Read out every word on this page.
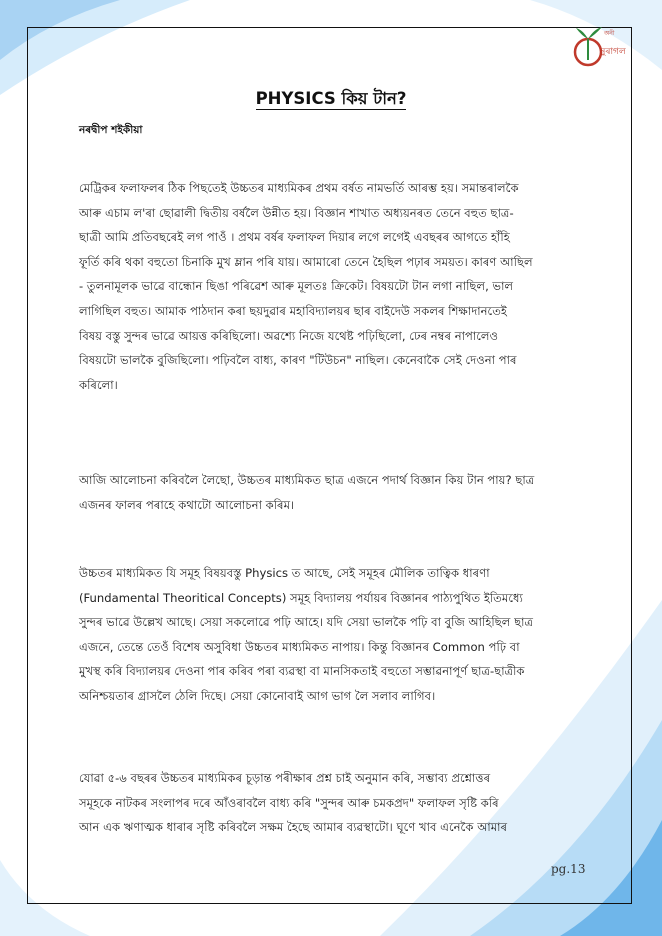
অনী
নুৰাগল
PHYSICS কিয় টান?
নৰদ্বীপ শইকীয়া
মেট্ৰিকৰ ফলাফলৰ ঠিক পিছতেই উচ্চতৰ মাধ্যমিকৰ প্ৰথম বৰ্ষত নামভৰ্তি আৰম্ভ হয়। সমান্তৰালকৈ
আৰু এচাম ল'ৰা ছোৱালী দ্বিতীয় বৰ্ষলৈ উন্নীত হয়। বিজ্ঞান শাখাত অধ্যয়নৰত তেনে বহুত ছাত্ৰ-
ছাত্ৰী আমি প্ৰতিবছৰেই লগ পাওঁ । প্ৰথম বৰ্ষৰ ফলাফল দিয়াৰ লগে লগেই এবছৰৰ আগতে হাঁহি
ফূৰ্তি কৰি থকা বহুতো চিনাকি মুখ ম্লান পৰি যায়। আমাৰো তেনে হৈছিল পঢ়াৰ সময়ত। কাৰণ আছিল
- তুলনামূলক ভাৱে বান্ধোন ছিঙা পৰিৱেশ আৰু মূলতঃ ক্ৰিকেট। বিষয়টো টান লগা নাছিল, ভাল
লাগিছিল বহুত। আমাক পাঠদান কৰা ছয়দুৱাৰ মহাবিদ্যালয়ৰ ছাৰ বাইদেউ সকলৰ শিক্ষাদানতেই
বিষয় বস্তু সুন্দৰ ভাৱে আয়ত্ত কৰিছিলো। অৱশ্যে নিজে যথেষ্ট পঢ়িছিলো, ঢেৰ নম্বৰ নাপালেও
বিষয়টো ভালকৈ বুজিছিলো। পঢ়িবলৈ বাধ্য, কাৰণ "টিউচন" নাছিল। কেনেবাকৈ সেই দেওনা পাৰ
কৰিলো।
আজি আলোচনা কৰিবলৈ লৈছো, উচ্চতৰ মাধ্যমিকত ছাত্ৰ এজনে পদাৰ্থ বিজ্ঞান কিয় টান পায়? ছাত্ৰ
এজনৰ ফালৰ পৰাহে কথাটো আলোচনা কৰিম।
উচ্চতৰ মাধ্যমিকত যি সমূহ বিষয়বস্তু Physics ত আছে, সেই সমূহৰ মৌলিক তাত্বিক ধাৰণা
(Fundamental Theoritical Concepts) সমূহ বিদ্যালয় পৰ্যায়ৰ বিজ্ঞানৰ পাঠ্যপুথিত ইতিমধ্যে
সুন্দৰ ভাৱে উল্লেখ আছে। সেয়া সকলোৱে পঢ়ি আহে। যদি সেয়া ভালকৈ পঢ়ি বা বুজি আহিছিল ছাত্ৰ
এজনে, তেন্তে তেওঁ বিশেষ অসুবিধা উচ্চতৰ মাধ্যমিকত নাপায়। কিন্তু বিজ্ঞানৰ Common পঢ়ি বা
মুখস্থ কৰি বিদ্যালয়ৰ দেওনা পাৰ কৰিব পৰা ব্যৱস্থা বা মানসিকতাই বহুতো সম্ভাৱনাপূৰ্ণ ছাত্ৰ-ছাত্ৰীক
অনিশ্চয়তাৰ গ্ৰাসলৈ ঠেলি দিছে। সেয়া কোনোবাই আগ ভাগ লৈ সলাব লাগিব।
যোৱা ৫-৬ বছৰৰ উচ্চতৰ মাধ্যমিকৰ চূড়ান্ত পৰীক্ষাৰ প্ৰশ্ন চাই অনুমান কৰি, সম্ভাব্য প্ৰশ্নোত্তৰ
সমূহকে নাটকৰ সংলাপৰ দৰে আঁওৰাবলৈ বাধ্য কৰি "সুন্দৰ আৰু চমকপ্ৰদ" ফলাফল সৃষ্টি কৰি
আন এক ঋণাত্মক ধাৰাৰ সৃষ্টি কৰিবলৈ সক্ষম হৈছে আমাৰ ব্যৱস্থাটো। ঘূণে খাব এনেকৈ আমাৰ
pg.13
